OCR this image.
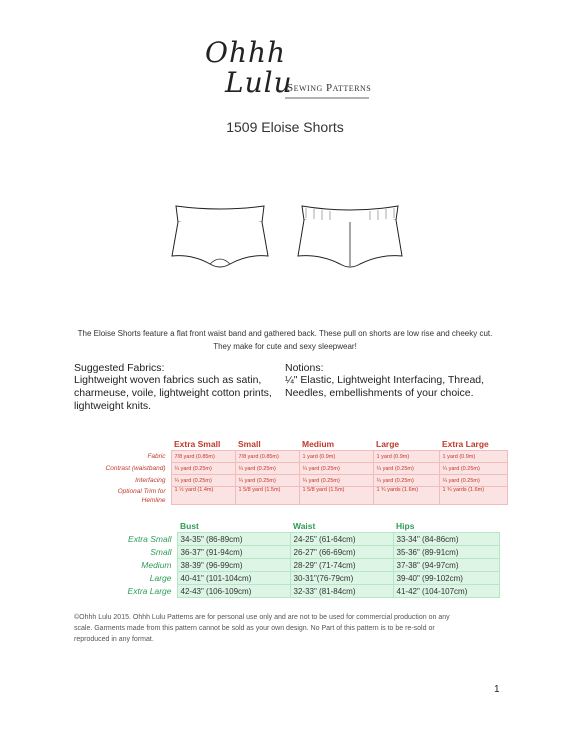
Ohhh
Lulu
Sewing Patterns
1509 Eloise Shorts
The Eloise Shorts feature a flat front waist band and gathered back. These pull on shorts are low rise and cheeky cut.
They make for cute and sexy sleepwear!
Suggested Fabrics:
Lightweight woven fabrics such as satin,
charmeuse, voile, lightweight cotton prints,
lightweight knits.
Notions:
¼" Elastic, Lightweight Interfacing, Thread,
Needles, embellishments of your choice.
	Extra Small	Small	Medium	Large	Extra Large
Fabric	7/8 yard (0.85m)	7/8 yard (0.85m)	1 yard (0.9m)	1 yard (0.9m)	1 yard (0.9m)
Contrast (waistband)	¼ yard (0.25m)	¼ yard (0.25m)	¼ yard (0.25m)	¼ yard (0.25m)	¼ yard (0.25m)
Interfacing	¼ yard (0.25m)	¼ yard (0.25m)	¼ yard (0.25m)	¼ yard (0.25m)	¼ yard (0.25m)

Optional Trim for
Hemline	1 ½ yard (1.4m)	1 5/8 yard (1.5m)	1 5/8 yard (1.5m)	1 ¾ yards (1.6m)	1 ¾ yards (1.6m)
	Bust	Waist	Hips
Extra Small	34-35" (86-89cm)	24-25" (61-64cm)	33-34" (84-86cm)
Small	36-37" (91-94cm)	26-27" (66-69cm)	35-36" (89-91cm)
Medium	38-39" (96-99cm)	28-29" (71-74cm)	37-38" (94-97cm)
Large	40-41" (101-104cm)	30-31"(76-79cm)	39-40" (99-102cm)
Extra Large	42-43" (106-109cm)	32-33" (81-84cm)	41-42" (104-107cm)
©Ohhh Lulu 2015. Ohhh Lulu Patterns are for personal use only and are not to be used for commercial production on any
scale. Garments made from this pattern cannot be sold as your own design. No Part of this pattern is to be re-sold or
reproduced in any format.
1
